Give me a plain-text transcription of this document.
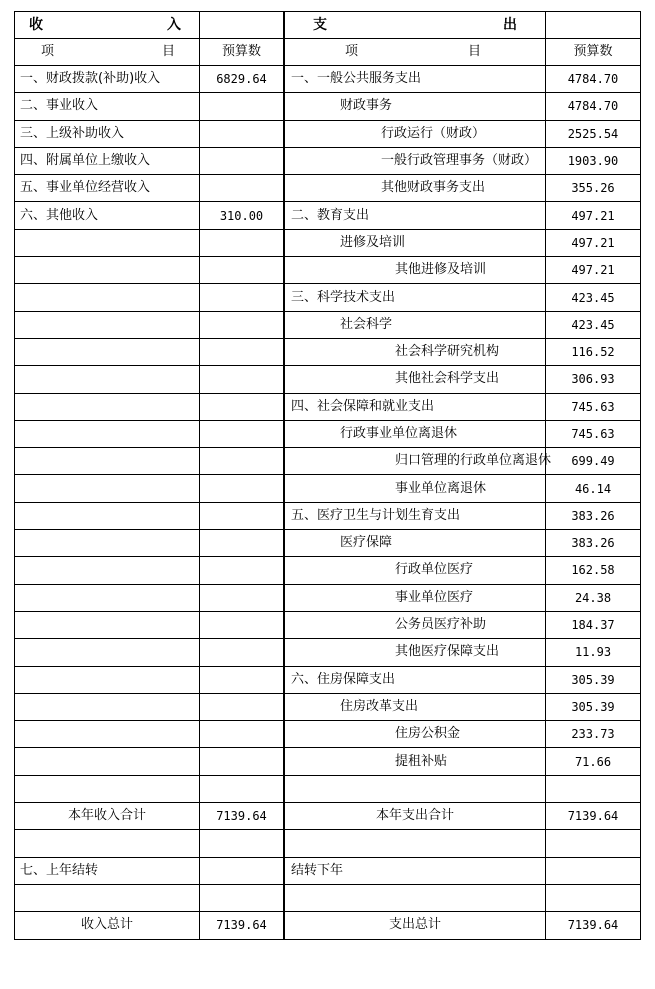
收 入			支 出	

项 目	预算数		项 目	预算数
一、财政拨款(补助)收入	6829.64		一、一般公共服务支出	4784.70
二、事业收入			财政事务	4784.70
三、上级补助收入			行政运行（财政）	2525.54
四、附属单位上缴收入			一般行政管理事务（财政）	1903.90
五、事业单位经营收入			其他财政事务支出	355.26
六、其他收入	310.00		二、教育支出	497.21
			进修及培训	497.21
			其他进修及培训	497.21
			三、科学技术支出	423.45
			社会科学	423.45
			社会科学研究机构	116.52
			其他社会科学支出	306.93
			四、社会保障和就业支出	745.63
			行政事业单位离退休	745.63
			归口管理的行政单位离退休	699.49
			事业单位离退休	46.14
			五、医疗卫生与计划生育支出	383.26
			医疗保障	383.26
			行政单位医疗	162.58
			事业单位医疗	24.38
			公务员医疗补助	184.37
			其他医疗保障支出	11.93
			六、住房保障支出	305.39
			住房改革支出	305.39
			住房公积金	233.73
			提租补贴	71.66

本年收入合计	7139.64		本年支出合计	7139.64

七、上年结转			结转下年	

收入总计	7139.64		支出总计	7139.64
